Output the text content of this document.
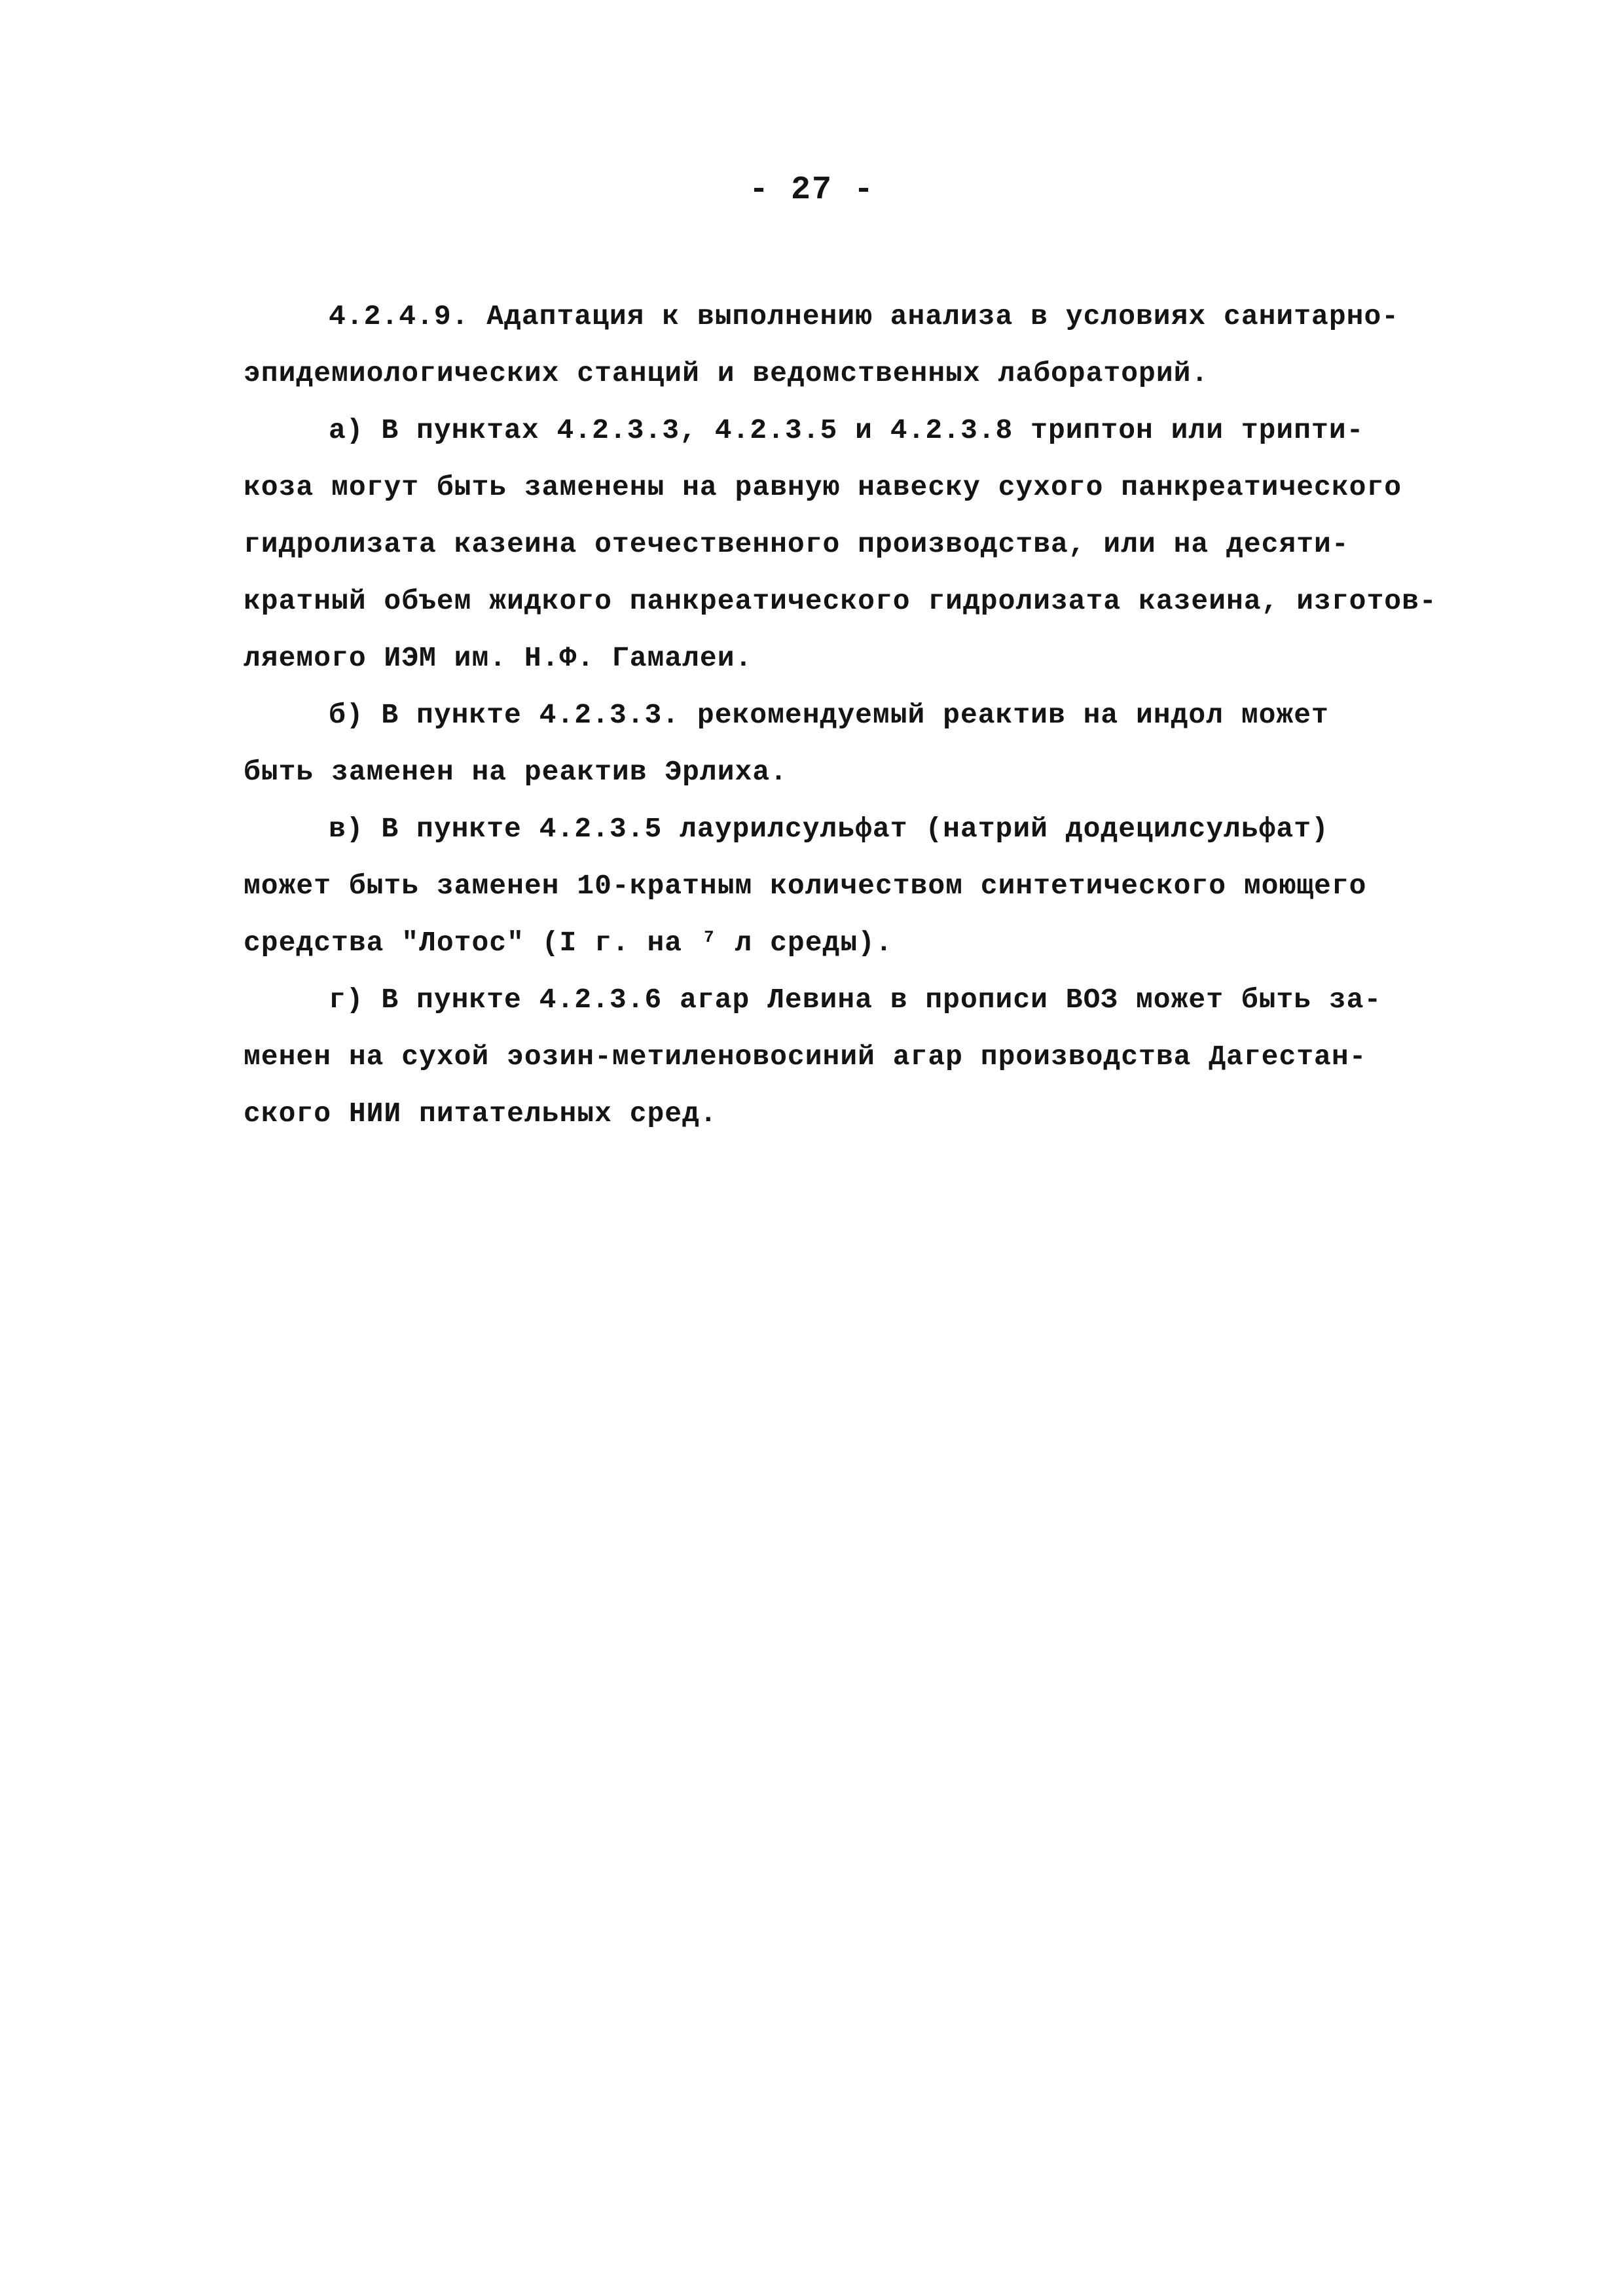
- 27 -
4.2.4.9. Адаптация к выполнению анализа в условиях санитарно-
эпидемиологических станций и ведомственных лабораторий.
а) В пунктах 4.2.3.3, 4.2.3.5 и 4.2.3.8 триптон или трипти-
коза могут быть заменены на равную навеску сухого панкреатического
гидролизата казеина отечественного производства, или на десяти-
кратный объем жидкого панкреатического гидролизата казеина, изготов-
ляемого ИЭМ им. Н.Ф. Гамалеи.
б) В пункте 4.2.3.3. рекомендуемый реактив на индол может
быть заменен на реактив Эрлиха.
в) В пункте 4.2.3.5 лаурилсульфат (натрий додецилсульфат)
может быть заменен 10-кратным количеством синтетического моющего
средства "Лотос" (I г. на ⁷ л среды).
г) В пункте 4.2.3.6 агар Левина в прописи ВОЗ может быть за-
менен на сухой эозин-метиленовосиний агар производства Дагестан-
ского НИИ питательных сред.
